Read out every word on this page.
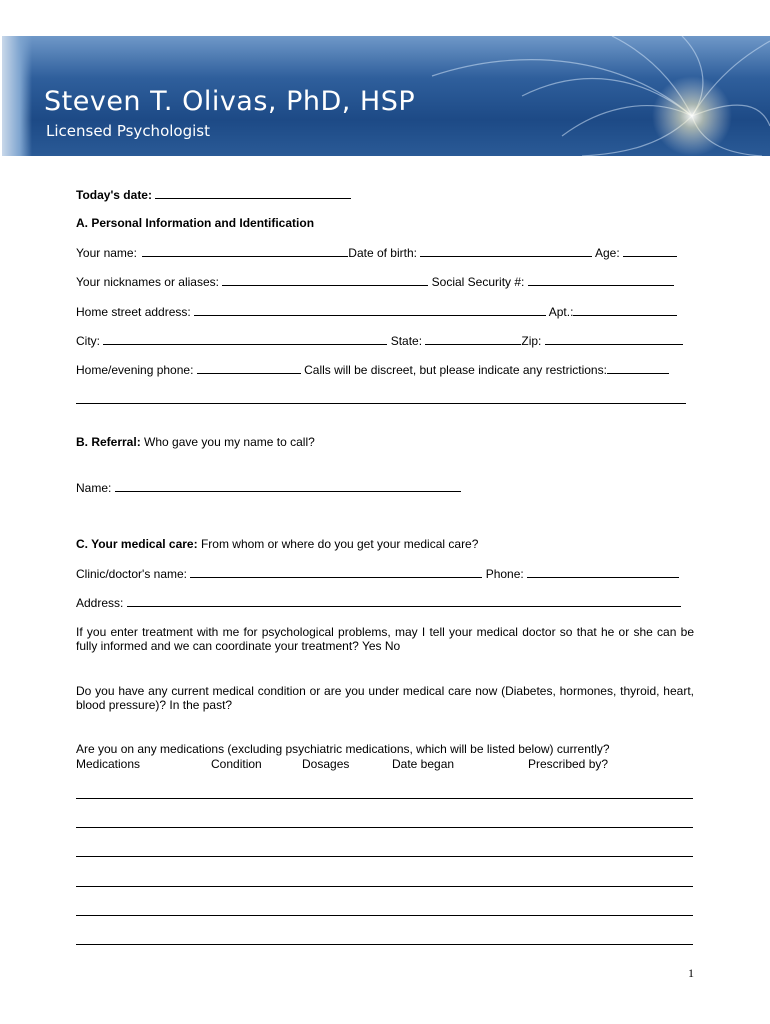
Steven T. Olivas, PhD, HSP
Licensed Psychologist
Today's date:
A. Personal Information and Identification
Your name:	Date of birth:	Age:
Your nicknames or aliases:	Social Security #:
Home street address:	Apt.:
City:	State:	Zip:
Home/evening phone:	Calls will be discreet, but please indicate any restrictions:
B. Referral: Who gave you my name to call?
Name:
C. Your medical care: From whom or where do you get your medical care?
Clinic/doctor's name:	Phone:
Address:
If you enter treatment with me for psychological problems, may I tell your medical doctor so that he or she can be fully informed and we can coordinate your treatment? Yes No
Do you have any current medical condition or are you under medical care now (Diabetes, hormones, thyroid, heart, blood pressure)? In the past?
Are you on any medications (excluding psychiatric medications, which will be listed below) currently?
Medications	Condition	Dosages	Date began	Prescribed by?
1
